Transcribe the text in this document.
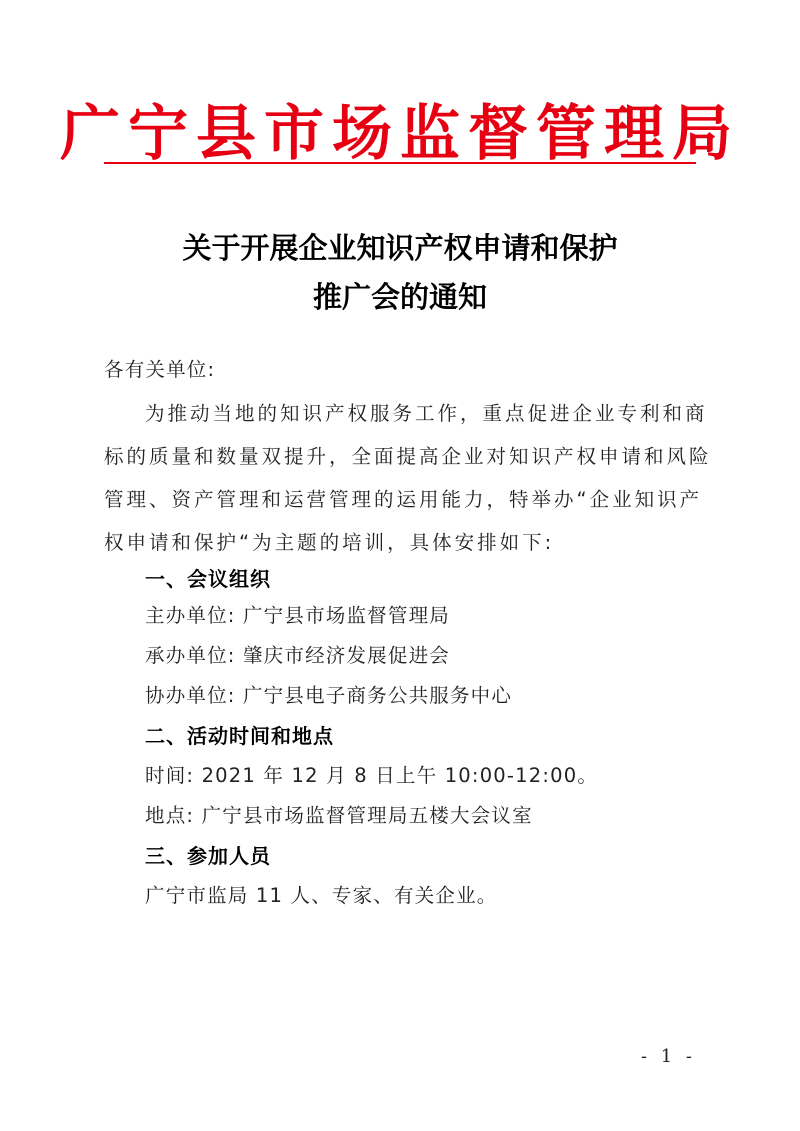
广宁县市场监督管理局
关于开展企业知识产权申请和保护
推广会的通知
各有关单位:
为推动当地的知识产权服务工作，重点促进企业专利和商
标的质量和数量双提升，全面提高企业对知识产权申请和风险
管理、资产管理和运营管理的运用能力，特举办“企业知识产
权申请和保护“为主题的培训，具体安排如下:
一、会议组织
主办单位: 广宁县市场监督管理局
承办单位: 肇庆市经济发展促进会
协办单位: 广宁县电子商务公共服务中心
二、活动时间和地点
时间: 2021 年 12 月 8 日上午 10:00-12:00。
地点: 广宁县市场监督管理局五楼大会议室
三、参加人员
广宁市监局 11 人、专家、有关企业。
- 1 -
